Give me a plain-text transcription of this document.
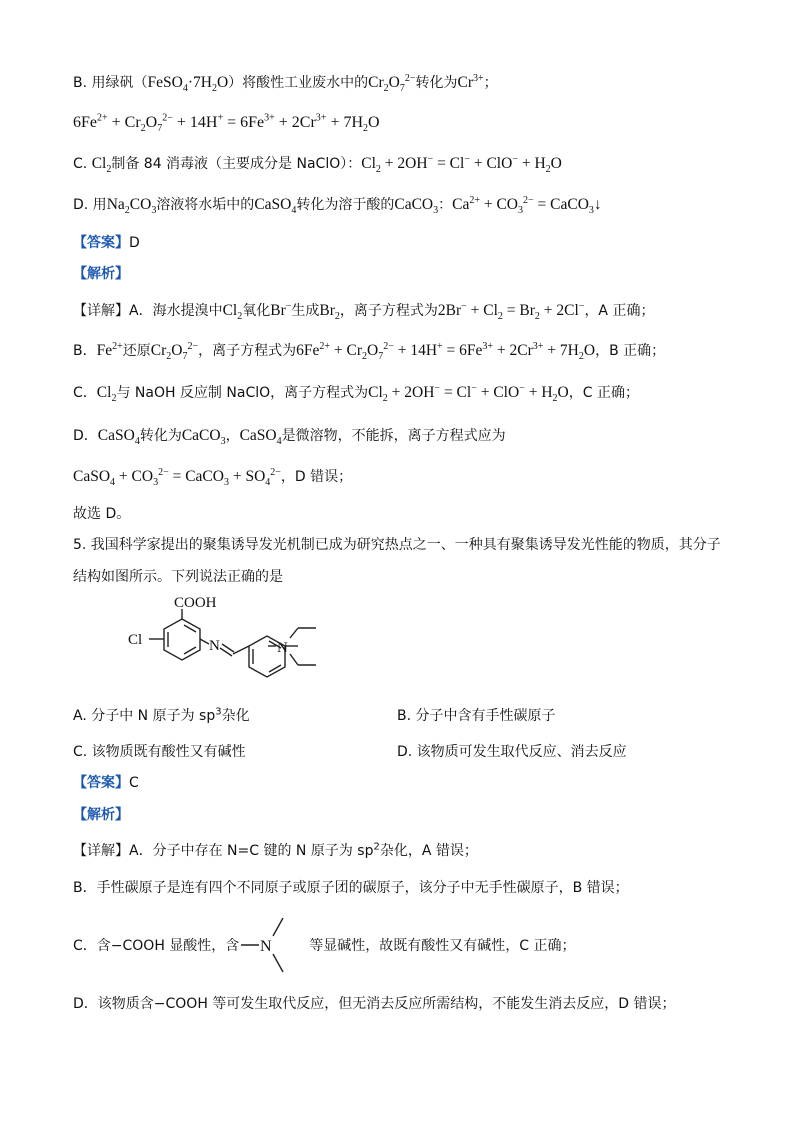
B. 用绿矾$(FeSO_4\cdot 7H_2O)$将酸性工业废水中的$Cr_2O_7^{2-}$转化为$Cr^{3+}$；
$6Fe^{2+} + Cr_2O_7^{2-} + 14H^+ = 6Fe^{3+} + 2Cr^{3+} + 7H_2O$
C. $Cl_2$制备 84 消毒液（主要成分是 NaClO）：$Cl_2 + 2OH^- = Cl^- + ClO^- + H_2O$
D. 用$Na_2CO_3$溶液将水垢中的CaSO$_4$转化为溶于酸的CaCO$_3$：$Ca^{2+} + CO_3^{2-}$ = CaCO$_3$↓
【答案】D
【解析】
【详解】A．海水提溴中$Cl_2$氧化Br−生成$Br_2$，离子方程式为$2Br^- + Cl_2 = Br_2 + 2Cl^-$，A 正确；
B．$Fe^{2+}$还原$Cr_2O_7^{2-}$，离子方程式为$6Fe^{2+} + Cr_2O_7^{2-} + 14H^+ = 6Fe^{3+} + 2Cr^{3+} + 7H_2O$，B 正确；
C．$Cl_2$与 NaOH 反应制 NaClO，离子方程式为$Cl_2 + 2OH^- = Cl^- + ClO^- + H_2O$，C 正确；
D．CaSO$_4$转化为CaCO$_3$，CaSO$_4$是微溶物，不能拆，离子方程式应为
CaSO$_4$ + $CO_3^{2-}$ = CaCO$_3$ + $SO_4^{2-}$，D 错误；
故选 D。
5. 我国科学家提出的聚集诱导发光机制已成为研究热点之一、一种具有聚集诱导发光性能的物质，其分子
结构如图所示。下列说法正确的是
COOH
Cl	N	N
A. 分子中 N 原子为 $sp^3$杂化	B. 分子中含有手性碳原子
C. 该物质既有酸性又有碱性	D. 该物质可发生取代反应、消去反应
【答案】C
【解析】
【详解】A．分子中存在 N=C 键的 N 原子为 $sp^2$杂化，A 错误；
B．手性碳原子是连有四个不同原子或原子团的碳原子，该分子中无手性碳原子，B 错误；
C．含−COOH 显酸性，含	等显碱性，故既有酸性又有碱性，C 正确；
N
D．该物质含−COOH 等可发生取代反应，但无消去反应所需结构，不能发生消去反应，D 错误；
